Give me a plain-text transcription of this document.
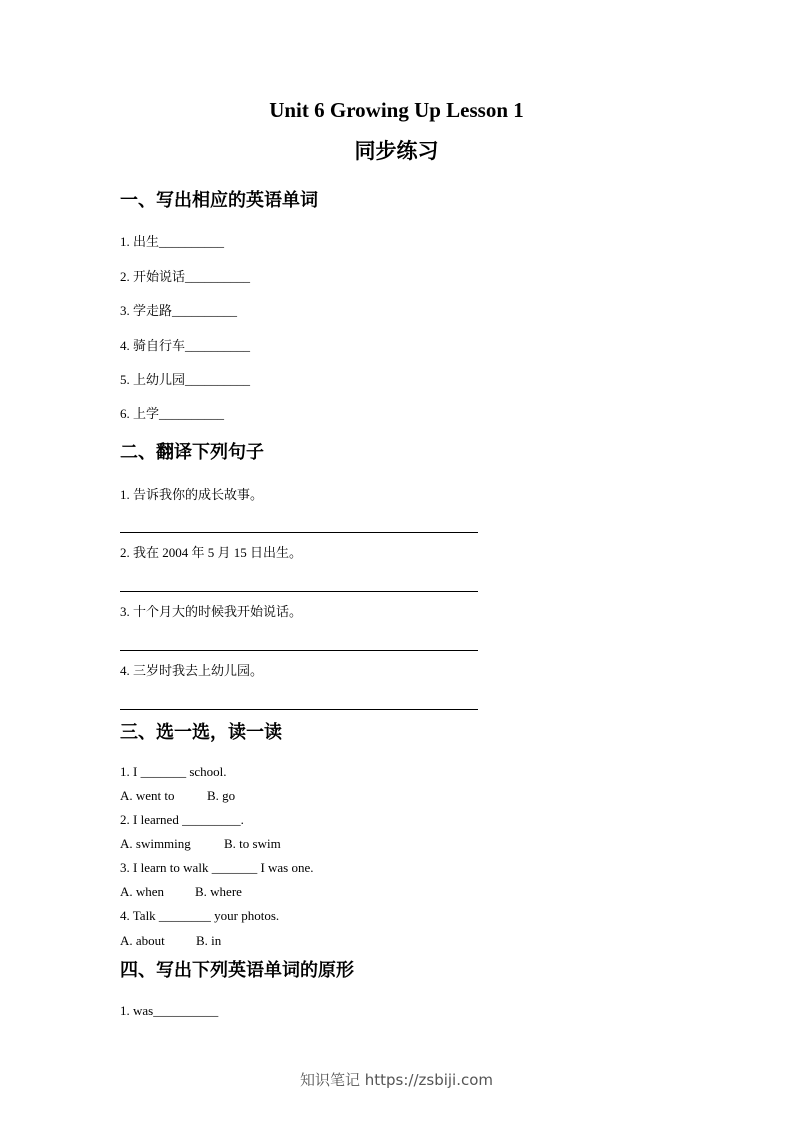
Unit 6 Growing Up Lesson 1
同步练习
一、写出相应的英语单词
1. 出生__________
2. 开始说话__________
3. 学走路__________
4. 骑自行车__________
5. 上幼儿园__________
6. 上学__________
二、翻译下列句子
1. 告诉我你的成长故事。
2. 我在 2004 年 5 月 15 日出生。
3. 十个月大的时候我开始说话。
4. 三岁时我去上幼儿园。
三、选一选，读一读
1. I _______ school.
A. went to B. go
2. I learned _________.
A. swimming	B. to swim
3. I learn to walk _______ I was one.
A. when B. where
4. Talk ________ your photos.
A. about B. in
四、写出下列英语单词的原形
1. was__________
知识笔记 https://zsbiji.com
